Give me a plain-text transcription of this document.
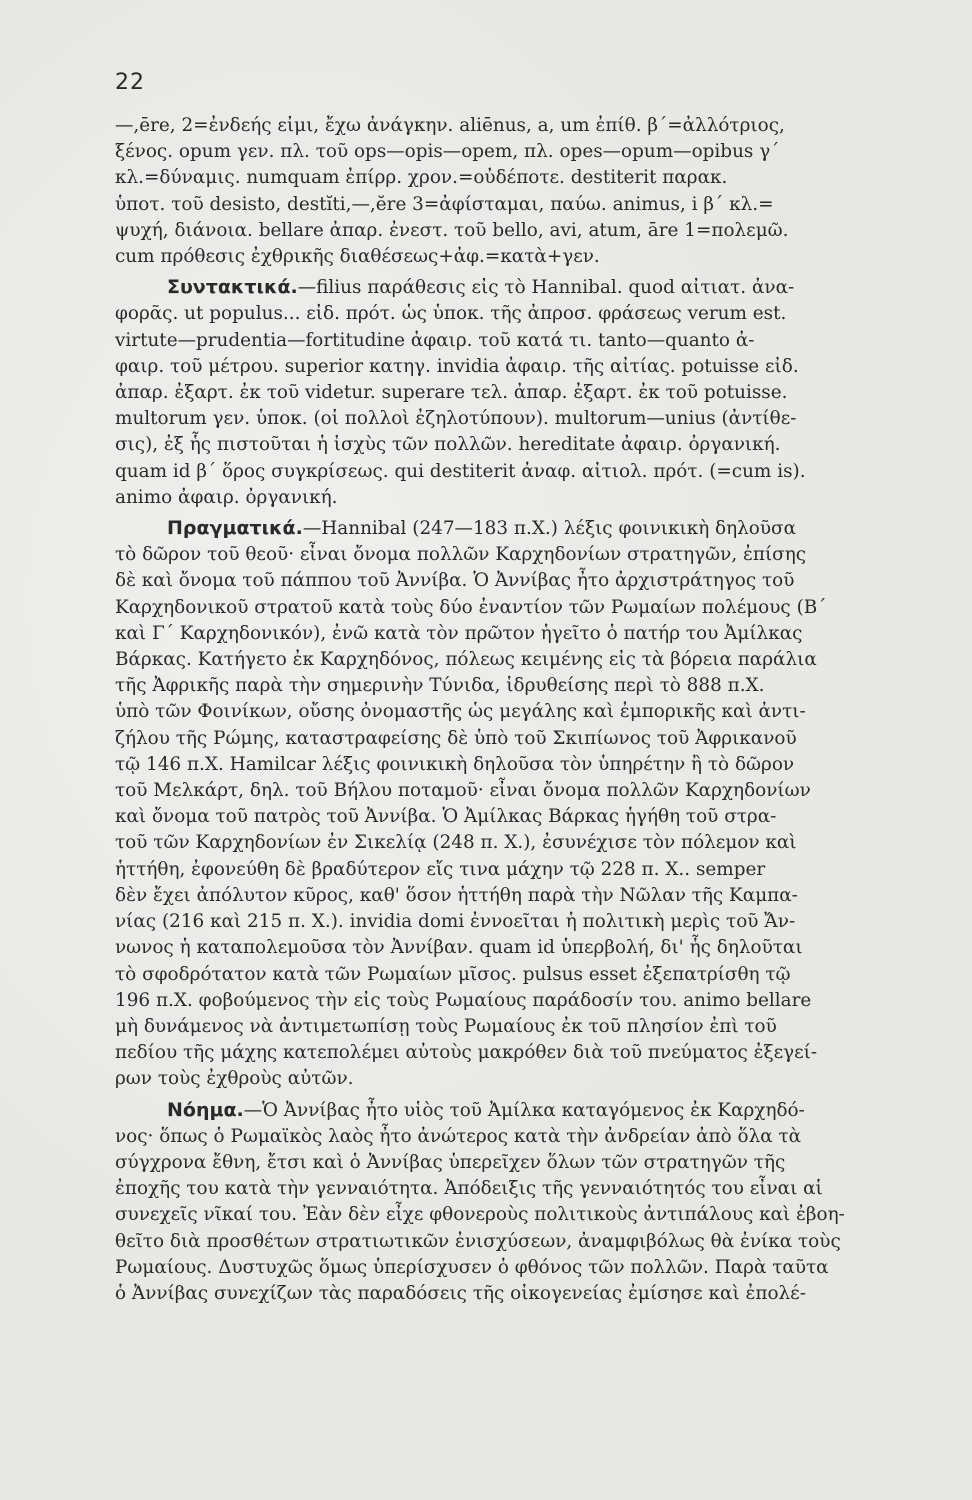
22
—,ēre, 2=ἐνδεής εἰμι, ἔχω ἀνάγκην. aliēnus, a, um ἐπίθ. β΄=ἀλλότριος,
ξένος. opum γεν. πλ. τοῦ ops—opis—opem, πλ. opes—opum—opibus γ΄
κλ.=δύναμις. numquam ἐπίρρ. χρον.=οὐδέποτε. destiterit παρακ.
ὑποτ. τοῦ desisto, destĭti,—,ĕre 3=ἀφίσταμαι, παύω. animus, i β΄ κλ.=
ψυχή, διάνοια. bellare ἀπαρ. ἐνεστ. τοῦ bello, avi, atum, āre 1=πολεμῶ.
cum πρόθεσις ἐχθρικῆς διαθέσεως+ἀφ.=κατὰ+γεν.
Συντακτικά.—filius παράθεσις εἰς τὸ Hannibal. quod αἰτιατ. ἀνα-
φορᾶς. ut populus... εἰδ. πρότ. ὡς ὑποκ. τῆς ἀπροσ. φράσεως verum est.
virtute—prudentia—fortitudine ἀφαιρ. τοῦ κατά τι. tanto—quanto ἀ-
φαιρ. τοῦ μέτρου. superior κατηγ. invidia ἀφαιρ. τῆς αἰτίας. potuisse εἰδ.
ἀπαρ. ἐξαρτ. ἐκ τοῦ videtur. superare τελ. ἀπαρ. ἐξαρτ. ἐκ τοῦ potuisse.
multorum γεν. ὑποκ. (οἱ πολλοὶ ἐζηλοτύπουν). multorum—unius (ἀντίθε-
σις), ἐξ ἧς πιστοῦται ἡ ἰσχὺς τῶν πολλῶν. hereditate ἀφαιρ. ὀργανική.
quam id β΄ ὅρος συγκρίσεως. qui destiterit ἀναφ. αἰτιολ. πρότ. (=cum is).
animo ἀφαιρ. ὀργανική.
Πραγματικά.—Hannibal (247—183 π.Χ.) λέξις φοινικικὴ δηλοῦσα
τὸ δῶρον τοῦ θεοῦ· εἶναι ὄνομα πολλῶν Καρχηδονίων στρατηγῶν, ἐπίσης
δὲ καὶ ὄνομα τοῦ πάππου τοῦ Ἀννίβα. Ὁ Ἀννίβας ἦτο ἀρχιστράτηγος τοῦ
Καρχηδονικοῦ στρατοῦ κατὰ τοὺς δύο ἐναντίον τῶν Ρωμαίων πολέμους (Β΄
καὶ Γ΄ Καρχηδονικόν), ἐνῶ κατὰ τὸν πρῶτον ἡγεῖτο ὁ πατήρ του Ἀμίλκας
Βάρκας. Κατήγετο ἐκ Καρχηδόνος, πόλεως κειμένης εἰς τὰ βόρεια παράλια
τῆς Ἀφρικῆς παρὰ τὴν σημερινὴν Τύνιδα, ἱδρυθείσης περὶ τὸ 888 π.Χ.
ὑπὸ τῶν Φοινίκων, οὔσης ὀνομαστῆς ὡς μεγάλης καὶ ἐμπορικῆς καὶ ἀντι-
ζήλου τῆς Ρώμης, καταστραφείσης δὲ ὑπὸ τοῦ Σκιπίωνος τοῦ Ἀφρικανοῦ
τῷ 146 π.Χ. Hamilcar λέξις φοινικικὴ δηλοῦσα τὸν ὑπηρέτην ἢ τὸ δῶρον
τοῦ Μελκάρτ, δηλ. τοῦ Βήλου ποταμοῦ· εἶναι ὄνομα πολλῶν Καρχηδονίων
καὶ ὄνομα τοῦ πατρὸς τοῦ Ἀννίβα. Ὁ Ἀμίλκας Βάρκας ἡγήθη τοῦ στρα-
τοῦ τῶν Καρχηδονίων ἐν Σικελίᾳ (248 π. Χ.), ἐσυνέχισε τὸν πόλεμον καὶ
ἡττήθη, ἐφονεύθη δὲ βραδύτερον εἴς τινα μάχην τῷ 228 π. Χ.. semper
δὲν ἔχει ἀπόλυτον κῦρος, καθ' ὅσον ἡττήθη παρὰ τὴν Νῶλαν τῆς Καμπα-
νίας (216 καὶ 215 π. Χ.). invidia domi ἐννοεῖται ἡ πολιτικὴ μερὶς τοῦ Ἄν-
νωνος ἡ καταπολεμοῦσα τὸν Ἀννίβαν. quam id ὑπερβολή, δι' ἧς δηλοῦται
τὸ σφοδρότατον κατὰ τῶν Ρωμαίων μῖσος. pulsus esset ἐξεπατρίσθη τῷ
196 π.Χ. φοβούμενος τὴν εἰς τοὺς Ρωμαίους παράδοσίν του. animo bellare
μὴ δυνάμενος νὰ ἀντιμετωπίσῃ τοὺς Ρωμαίους ἐκ τοῦ πλησίον ἐπὶ τοῦ
πεδίου τῆς μάχης κατεπολέμει αὐτοὺς μακρόθεν διὰ τοῦ πνεύματος ἐξεγεί-
ρων τοὺς ἐχθροὺς αὐτῶν.
Νόημα.—Ὁ Ἀννίβας ἦτο υἱὸς τοῦ Ἀμίλκα καταγόμενος ἐκ Καρχηδό-
νος· ὅπως ὁ Ρωμαϊκὸς λαὸς ἦτο ἀνώτερος κατὰ τὴν ἀνδρείαν ἀπὸ ὅλα τὰ
σύγχρονα ἔθνη, ἔτσι καὶ ὁ Ἀννίβας ὑπερεῖχεν ὅλων τῶν στρατηγῶν τῆς
ἐποχῆς του κατὰ τὴν γενναιότητα. Ἀπόδειξις τῆς γενναιότητός του εἶναι αἱ
συνεχεῖς νῖκαί του. Ἐὰν δὲν εἶχε φθονεροὺς πολιτικοὺς ἀντιπάλους καὶ ἐβοη-
θεῖτο διὰ προσθέτων στρατιωτικῶν ἐνισχύσεων, ἀναμφιβόλως θὰ ἐνίκα τοὺς
Ρωμαίους. Δυστυχῶς ὅμως ὑπερίσχυσεν ὁ φθόνος τῶν πολλῶν. Παρὰ ταῦτα
ὁ Ἀννίβας συνεχίζων τὰς παραδόσεις τῆς οἰκογενείας ἐμίσησε καὶ ἐπολέ-
